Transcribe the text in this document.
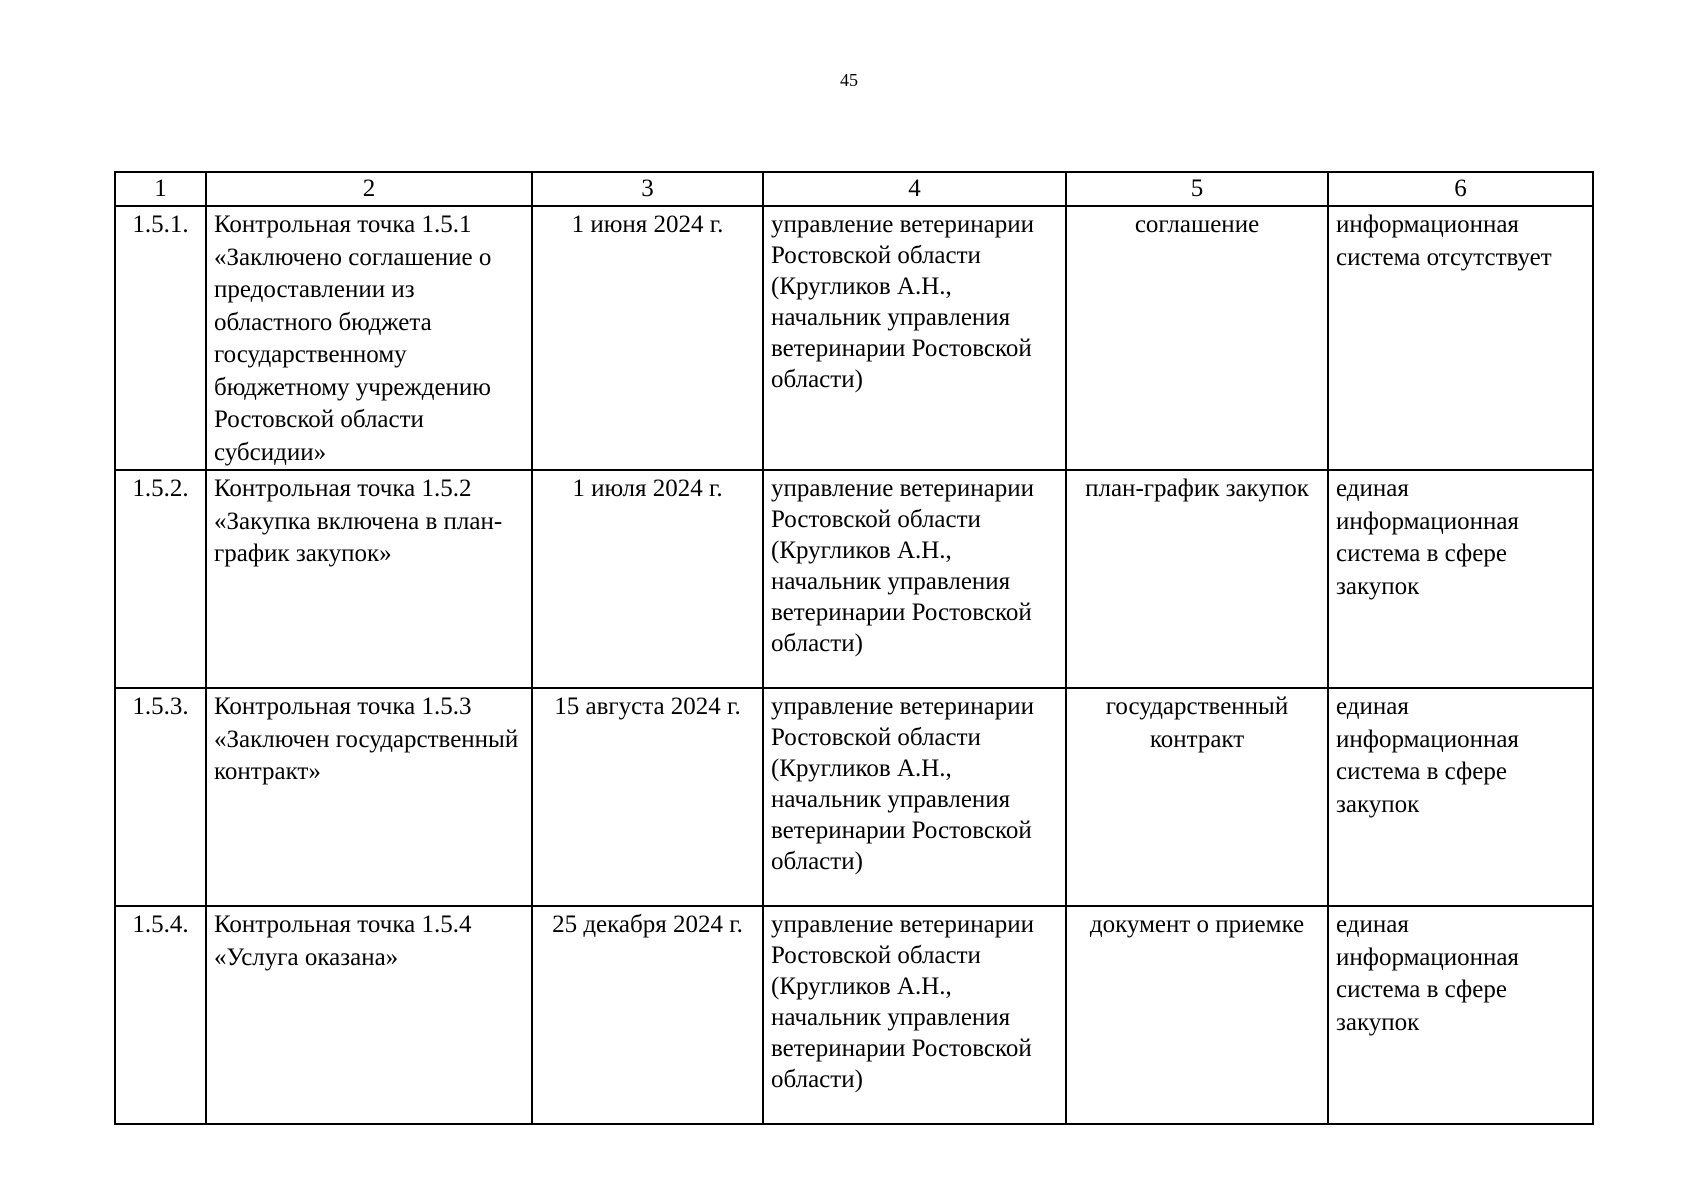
45
1	2	3	4	5	6
1.5.1.	Контрольная точка 1.5.1 «Заключено соглашение о предоставлении из областного бюджета государственному бюджетному учреждению Ростовской области субсидии»	1 июня 2024 г.	управление ветеринарии Ростовской области (Кругликов А.Н., начальник управления ветеринарии Ростовской области)	соглашение	информационная система отсутствует
1.5.2.	Контрольная точка 1.5.2 «Закупка включена в план-график закупок»	1 июля 2024 г.	управление ветеринарии Ростовской области (Кругликов А.Н., начальник управления ветеринарии Ростовской области)	план-график закупок	единая информационная система в сфере закупок
1.5.3.	Контрольная точка 1.5.3 «Заключен государственный контракт»	15 августа 2024 г.	управление ветеринарии Ростовской области (Кругликов А.Н., начальник управления ветеринарии Ростовской области)	государственный контракт	единая информационная система в сфере закупок
1.5.4.	Контрольная точка 1.5.4 «Услуга оказана»	25 декабря 2024 г.	управление ветеринарии Ростовской области (Кругликов А.Н., начальник управления ветеринарии Ростовской области)	документ о приемке	единая информационная система в сфере закупок
